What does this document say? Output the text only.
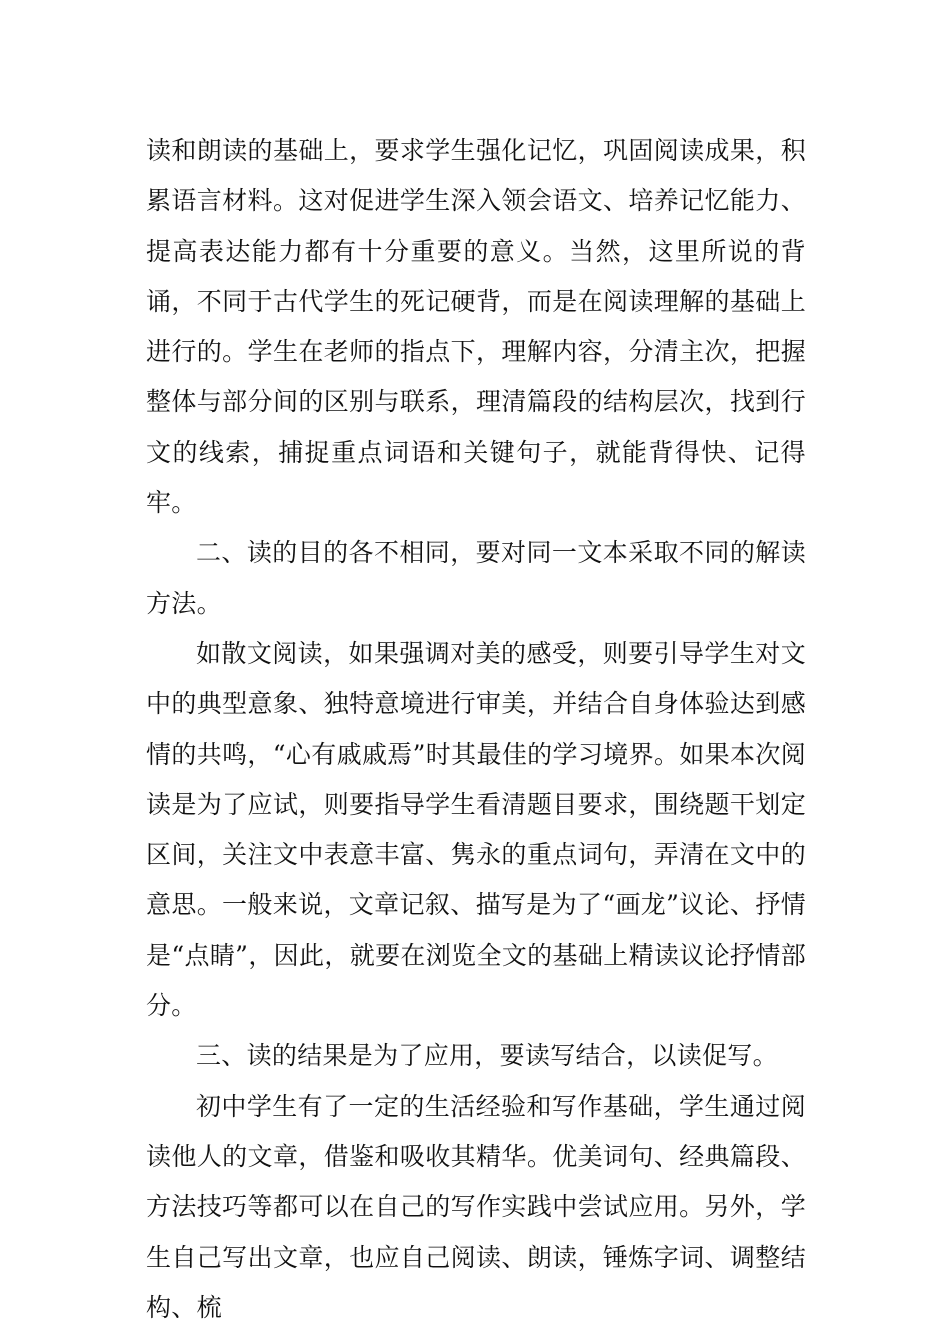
读和朗读的基础上，要求学生强化记忆，巩固阅读成果，积累语言材料。这对促进学生深入领会语文、培养记忆能力、提高表达能力都有十分重要的意义。当然，这里所说的背诵，不同于古代学生的死记硬背，而是在阅读理解的基础上进行的。学生在老师的指点下，理解内容，分清主次，把握整体与部分间的区别与联系，理清篇段的结构层次，找到行文的线索，捕捉重点词语和关键句子，就能背得快、记得牢。

二、读的目的各不相同，要对同一文本采取不同的解读方法。

如散文阅读，如果强调对美的感受，则要引导学生对文中的典型意象、独特意境进行审美，并结合自身体验达到感情的共鸣，“心有戚戚焉”时其最佳的学习境界。如果本次阅读是为了应试，则要指导学生看清题目要求，围绕题干划定区间，关注文中表意丰富、隽永的重点词句，弄清在文中的意思。一般来说，文章记叙、描写是为了“画龙”议论、抒情是“点睛”，因此，就要在浏览全文的基础上精读议论抒情部分。

三、读的结果是为了应用，要读写结合，以读促写。

初中学生有了一定的生活经验和写作基础，学生通过阅读他人的文章，借鉴和吸收其精华。优美词句、经典篇段、方法技巧等都可以在自己的写作实践中尝试应用。另外，学生自己写出文章，也应自己阅读、朗读，锤炼字词、调整结构、梳
